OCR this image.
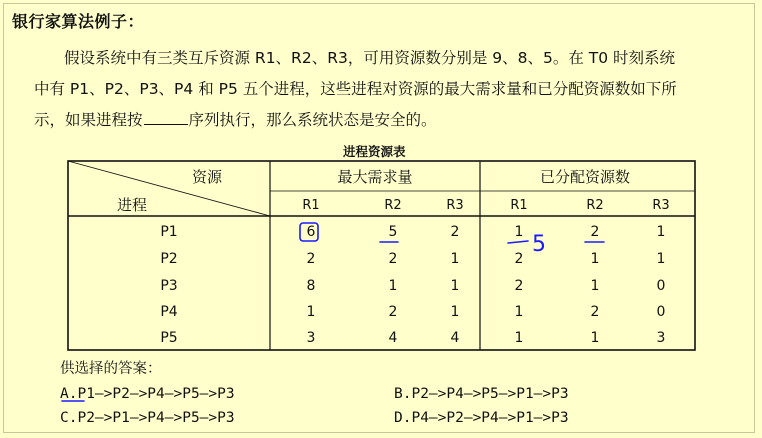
银行家算法例子：
假设系统中有三类互斥资源 R1、R2、R3，可用资源数分别是 9、8、5。在 T0 时刻系统
中有 P1、P2、P3、P4 和 P5 五个进程，这些进程对资源的最大需求量和已分配资源数如下所
示，如果进程按	序列执行，那么系统状态是安全的。
进程资源表
资源
进程
最大需求量	已分配资源数
R1	R2	R3	R1	R2	R3
P1	6	5	2	1	2	1
P2	2	2	1	2	1	1
P3	8	1	1	2	1	0
P4	1	2	1	1	2	0
P5	3	4	4	1	1	3
5
供选择的答案：
A.P1—>P2—>P4—>P5—>P3	B.P2—>P4—>P5—>P1—>P3
C.P2—>P1—>P4—>P5—>P3	D.P4—>P2—>P4—>P1—>P3
